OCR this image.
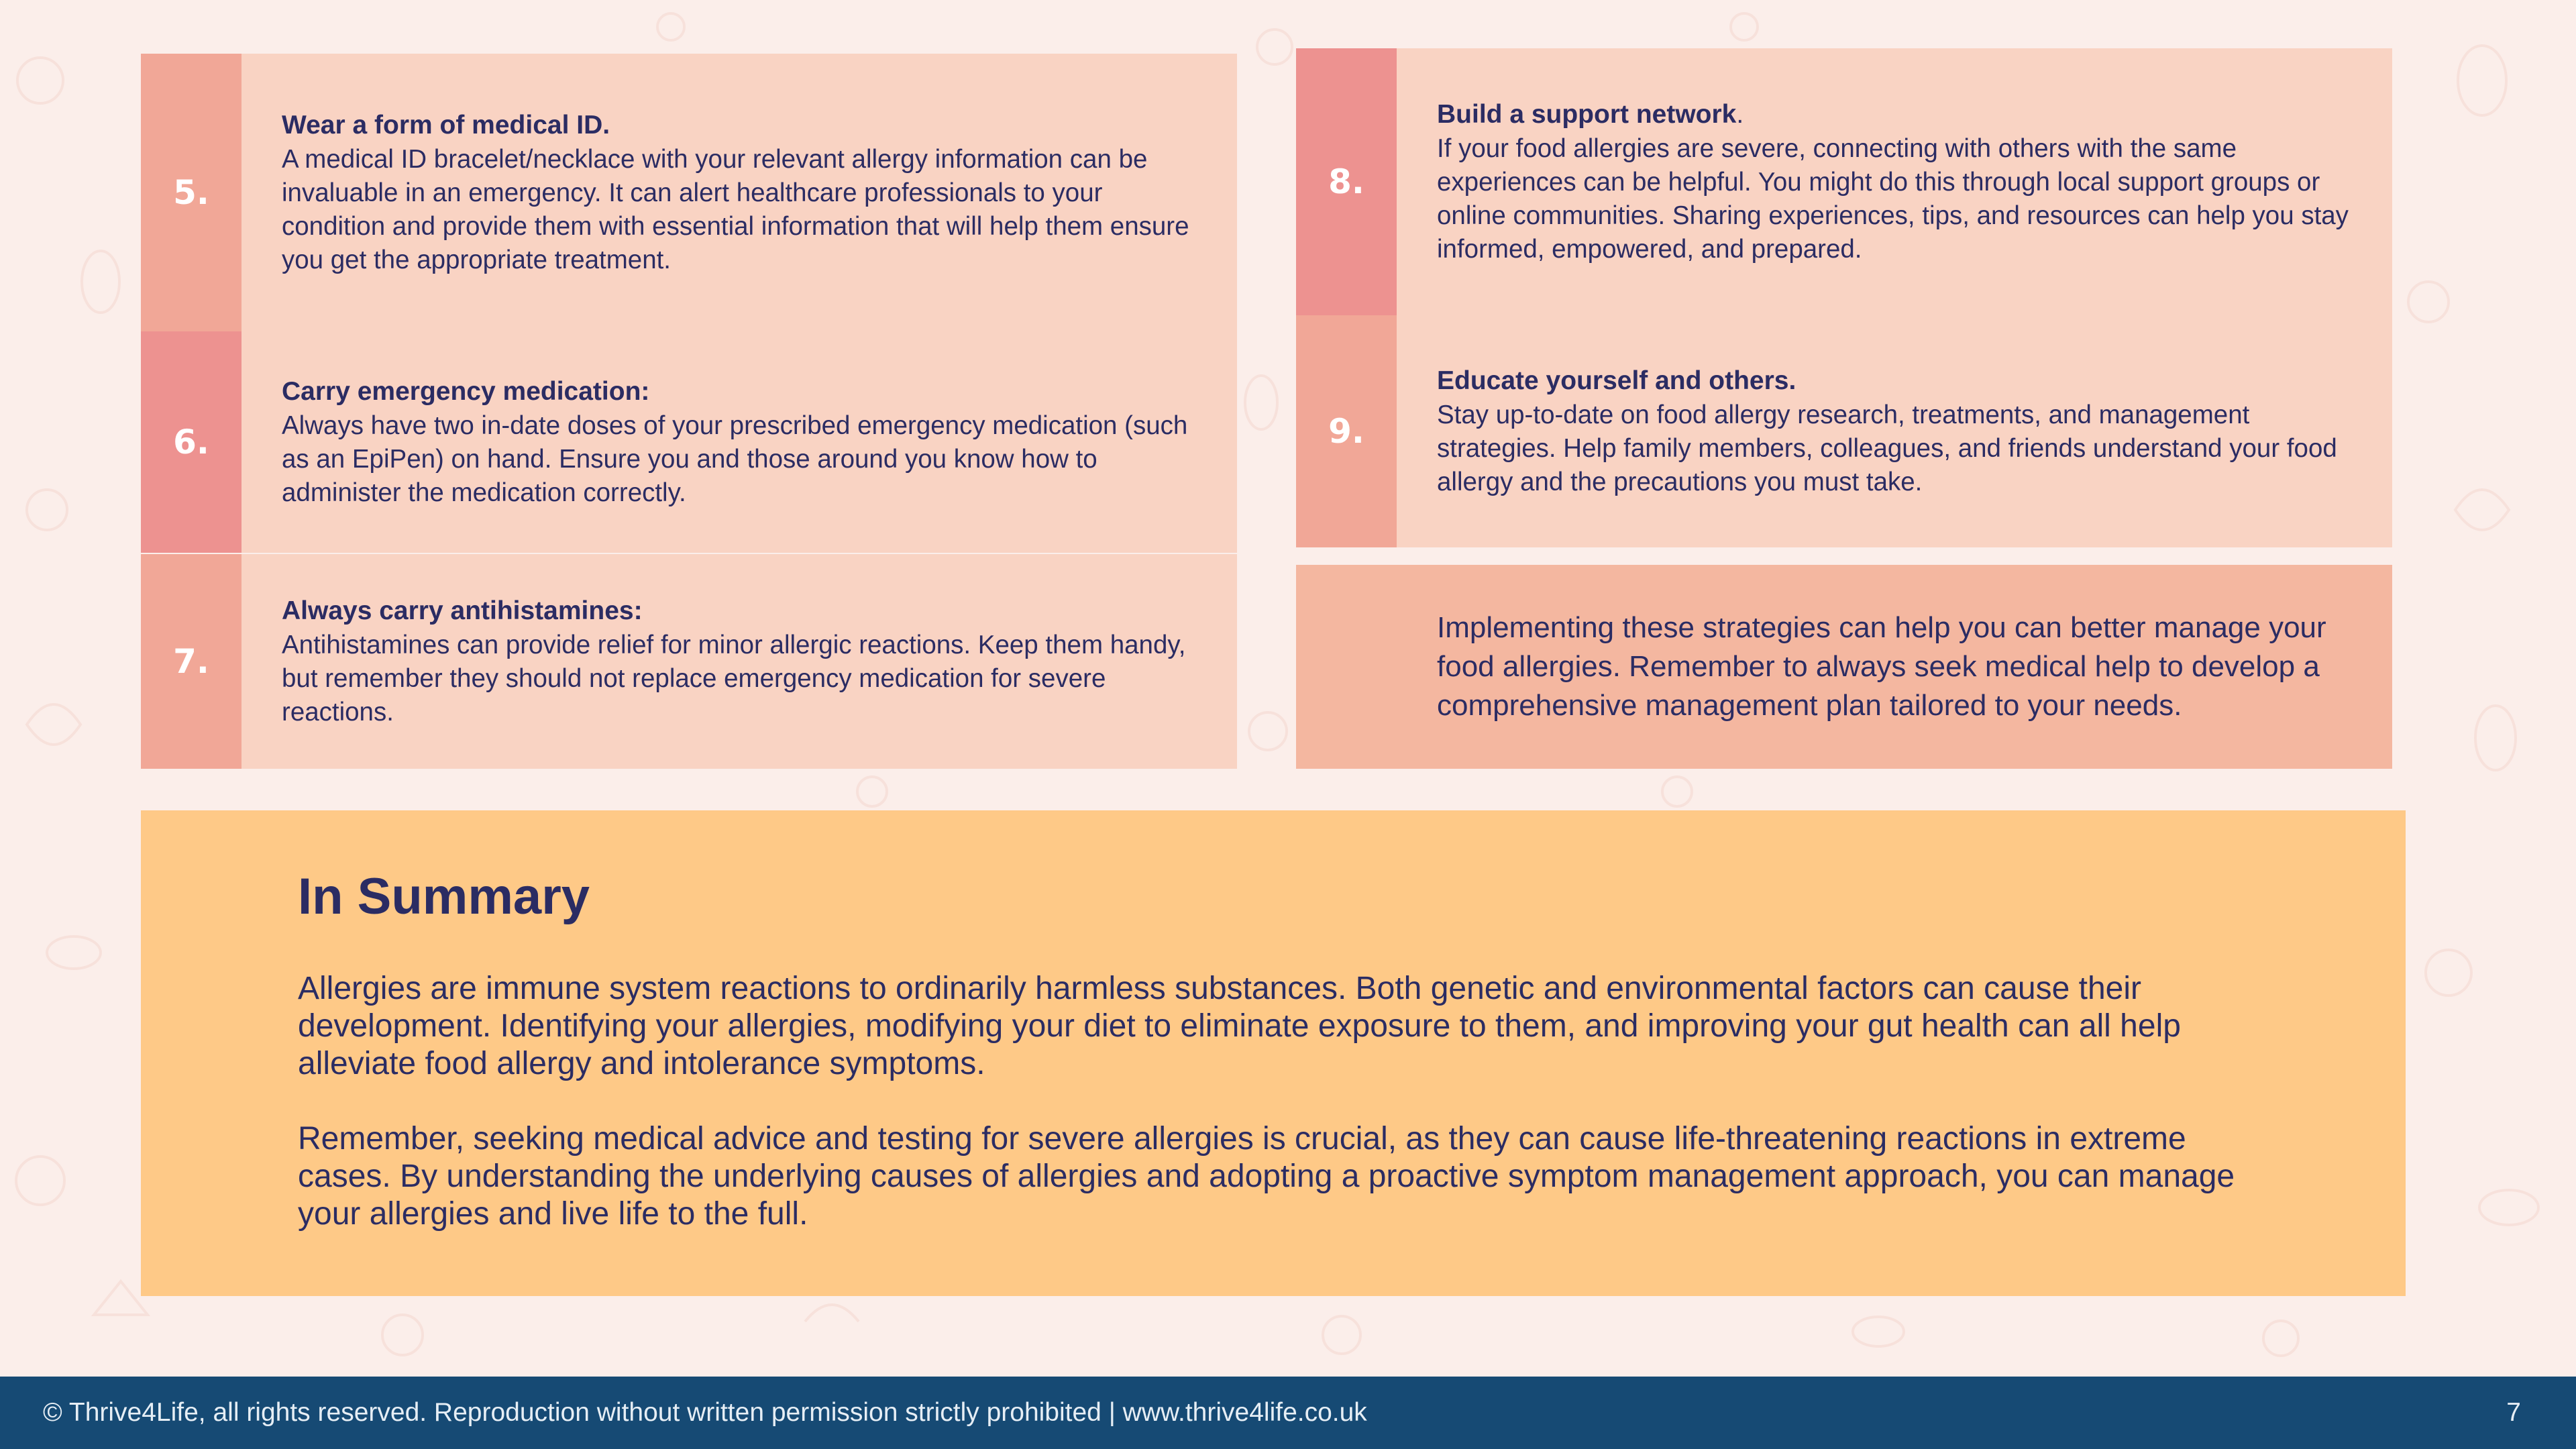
5.
Wear a form of medical ID.
A medical ID bracelet/necklace with your relevant allergy information can be invaluable in an emergency. It can alert healthcare professionals to your condition and provide them with essential information that will help them ensure you get the appropriate treatment.
6.
Carry emergency medication:
Always have two in-date doses of your prescribed emergency medication (such as an EpiPen) on hand. Ensure you and those around you know how to administer the medication correctly.
7.
Always carry antihistamines:
Antihistamines can provide relief for minor allergic reactions. Keep them handy, but remember they should not replace emergency medication for severe reactions.
8.
Build a support network.
If your food allergies are severe, connecting with others with the same experiences can be helpful. You might do this through local support groups or online communities. Sharing experiences, tips, and resources can help you stay informed, empowered, and prepared.
9.
Educate yourself and others.
Stay up-to-date on food allergy research, treatments, and management strategies. Help family members, colleagues, and friends understand your food allergy and the precautions you must take.
Implementing these strategies can help you can better manage your food allergies. Remember to always seek medical help to develop a comprehensive management plan tailored to your needs.
In Summary

Allergies are immune system reactions to ordinarily harmless substances. Both genetic and environmental factors can cause their development. Identifying your allergies, modifying your diet to eliminate exposure to them, and improving your gut health can all help alleviate food allergy and intolerance symptoms.

Remember, seeking medical advice and testing for severe allergies is crucial, as they can cause life-threatening reactions in extreme cases. By understanding the underlying causes of allergies and adopting a proactive symptom management approach, you can manage your allergies and live life to the full.

© Thrive4Life, all rights reserved. Reproduction without written permission strictly prohibited | www.thrive4life.co.uk	7
